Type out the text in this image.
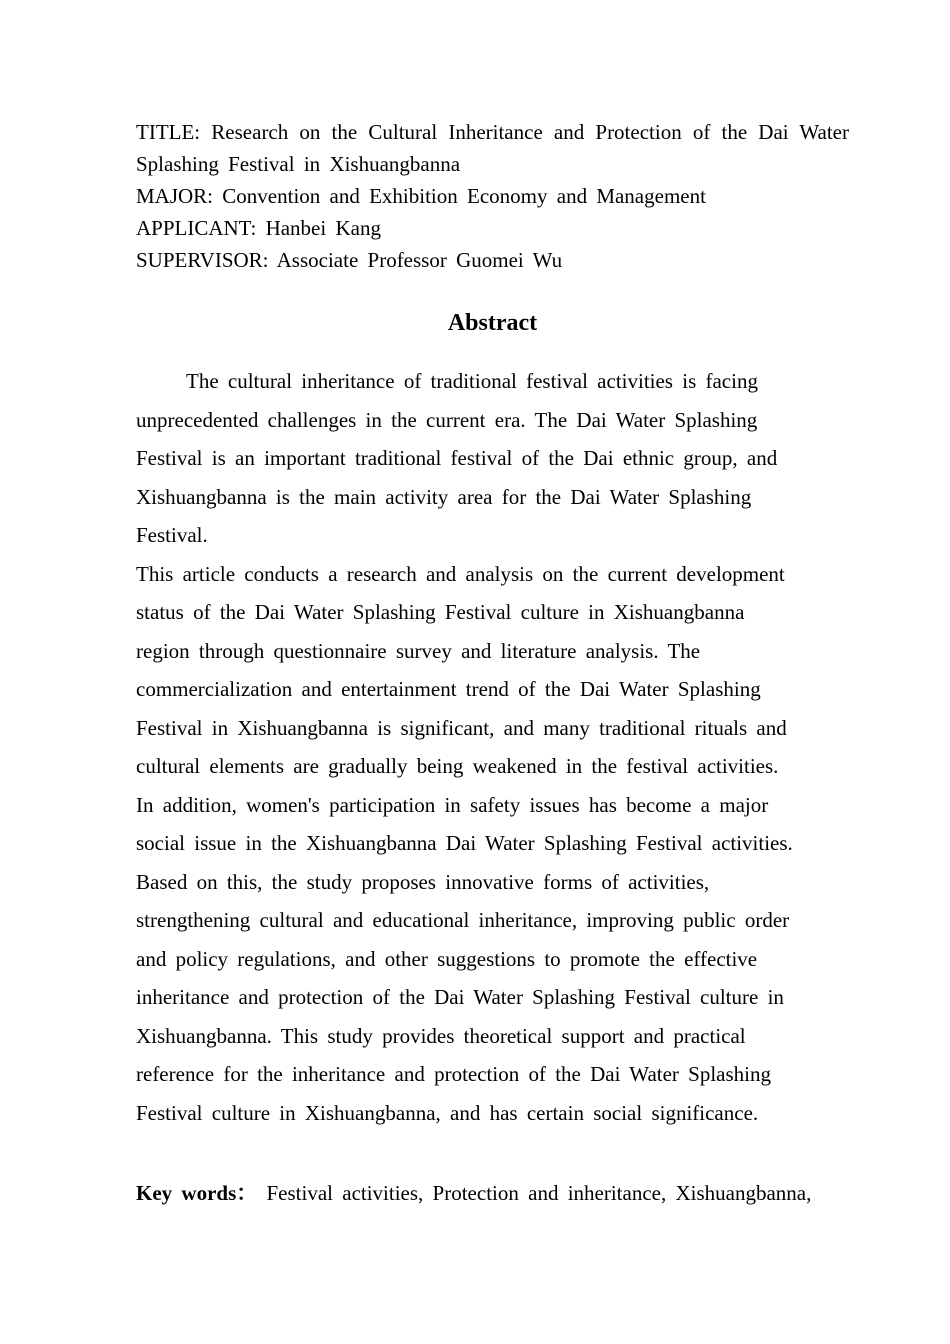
TITLE: Research on the Cultural Inheritance and Protection of the Dai Water Splashing Festival in Xishuangbanna
MAJOR: Convention and Exhibition Economy and Management
APPLICANT: Hanbei Kang
SUPERVISOR: Associate Professor Guomei Wu
Abstract
The cultural inheritance of traditional festival activities is facing
unprecedented challenges in the current era. The Dai Water Splashing
Festival is an important traditional festival of the Dai ethnic group, and
Xishuangbanna is the main activity area for the Dai Water Splashing
Festival.
This article conducts a research and analysis on the current development
status of the Dai Water Splashing Festival culture in Xishuangbanna
region through questionnaire survey and literature analysis. The
commercialization and entertainment trend of the Dai Water Splashing
Festival in Xishuangbanna is significant, and many traditional rituals and
cultural elements are gradually being weakened in the festival activities.
In addition, women's participation in safety issues has become a major
social issue in the Xishuangbanna Dai Water Splashing Festival activities.
Based on this, the study proposes innovative forms of activities,
strengthening cultural and educational inheritance, improving public order
and policy regulations, and other suggestions to promote the effective
inheritance and protection of the Dai Water Splashing Festival culture in
Xishuangbanna. This study provides theoretical support and practical
reference for the inheritance and protection of the Dai Water Splashing
Festival culture in Xishuangbanna, and has certain social significance.
Key words： Festival activities, Protection and inheritance, Xishuangbanna,
